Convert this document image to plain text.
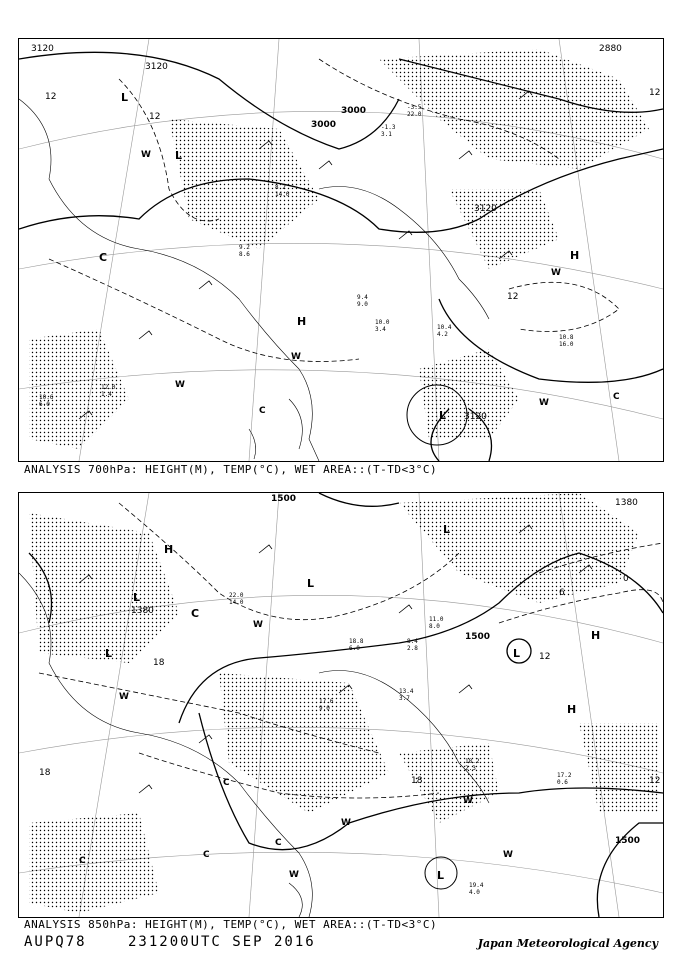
3120
3120
3000
3000
2880
3120
3120
12
12
12
12
L
L
C
H
H
W
W
W
C
W
W
C
L
12.0
1.4
10.6
6.0
10.4
4.2	10.8
16.0
9.4
9.0
10.0
3.4
8.2
14.0
-3.5
22.0
-1.3
3.1
9.2
8.6
ANALYSIS 700hPa: HEIGHT(M), TEMP(°C), WET AREA::(T-TD<3°C)
1500
1380
1380
1500
1500
18
18
18
12
12
6
0
H
L
C
L
L
L
H
H
W
W
W
W
W
C
C
C
C
L
W
L
22.0
14.0
17.6
9.0
18.8
6.0
8.4
2.8
17.2
0.6
18.2
2.3
19.4
4.0
13.4
3.7
11.0
8.0
ANALYSIS 850hPa: HEIGHT(M), TEMP(°C), WET AREA::(T-TD<3°C)
AUPQ78	231200UTC SEP 2016	Japan Meteorological Agency
